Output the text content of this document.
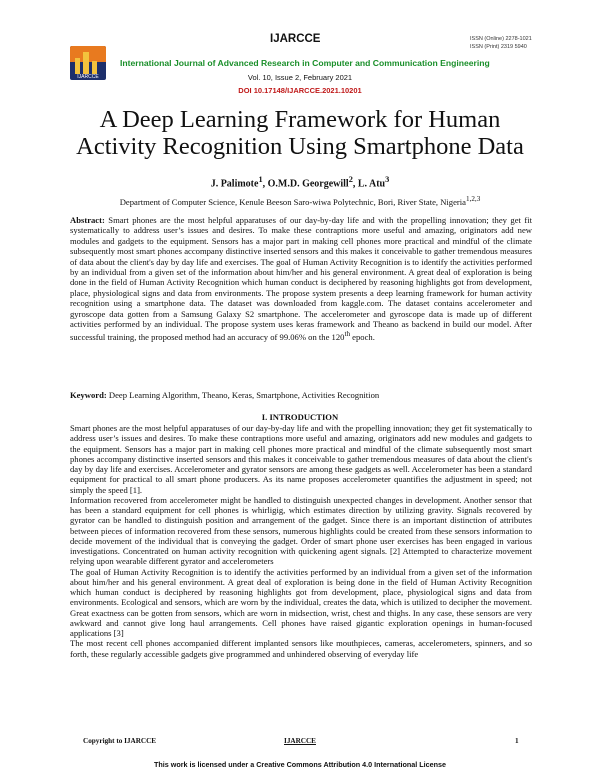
IJARCCE
IJARCCE	ISSN (Online) 2278-1021
ISSN (Print) 2319 5940
International Journal of Advanced Research in Computer and Communication Engineering
Vol. 10, Issue 2, February 2021
DOI 10.17148/IJARCCE.2021.10201
A Deep Learning Framework for Human
Activity Recognition Using Smartphone Data
J. Palimote$^1$, O.M.D. Georgewill$^2$, L. Atu$^3$
Department of Computer Science, Kenule Beeson Saro-wiwa Polytechnic, Bori, River State, Nigeria$^{1,2,3}$
Abstract: Smart phones are the most helpful apparatuses of our day-by-day life and with the propelling innovation; they get fit systematically to address user’s issues and desires. To make these contraptions more useful and amazing, originators add new modules and gadgets to the equipment. Sensors has a major part in making cell phones more practical and mindful of the climate subsequently most smart phones accompany distinctive inserted sensors and this makes it conceivable to gather tremendous measures of data about the client's day by day life and exercises. The goal of Human Activity Recognition is to identify the activities performed by an individual from a given set of the information about him/her and his general environment. A great deal of exploration is being done in the field of Human Activity Recognition which human conduct is deciphered by reasoning highlights got from development, place, physiological signs and data from environments. The propose system presents a deep learning framework for human activity recognition using a smartphone data. The dataset was downloaded from kaggle.com. The dataset contains accelerometer and gyroscope data gotten from a Samsung Galaxy S2 smartphone. The accelerometer and gyroscope data is made up of different activities performed by an individual. The propose system uses keras framework and Theano as backend in build our model. After successful training, the proposed method had an accuracy of 99.06% on the 120th epoch.
Keyword: Deep Learning Algorithm, Theano, Keras, Smartphone, Activities Recognition
I. INTRODUCTION

Smart phones are the most helpful apparatuses of our day-by-day life and with the propelling innovation; they get fit systematically to address user’s issues and desires. To make these contraptions more useful and amazing, originators add new modules and gadgets to the equipment. Sensors has a major part in making cell phones more practical and mindful of the climate subsequently most smart phones accompany distinctive inserted sensors and this makes it conceivable to gather tremendous measures of data about the client's day by day life and exercises. Accelerometer and gyrator sensors are among these gadgets as well. Accelerometer has been a standard equipment for practical to all smart phone producers. As its name proposes accelerometer quantifies the adjustment in speed; not simply the speed [1].

Information recovered from accelerometer might be handled to distinguish unexpected changes in development. Another sensor that has been a standard equipment for cell phones is whirligig, which estimates direction by utilizing gravity. Signals recovered by gyrator can be handled to distinguish position and arrangement of the gadget. Since there is an important distinction of attributes between pieces of information recovered from these sensors, numerous highlights could be created from these sensors information to decide movement of the individual that is conveying the gadget. Order of smart phone user exercises has been engaged in various investigations. Concentrated on human activity recognition with quickening agent signals. [2] Attempted to characterize movement relying upon wearable different gyrator and accelerometers

The goal of Human Activity Recognition is to identify the activities performed by an individual from a given set of the information about him/her and his general environment. A great deal of exploration is being done in the field of Human Activity Recognition which human conduct is deciphered by reasoning highlights got from development, place, physiological signs and data from environments. Ecological and sensors, which are worn by the individual, creates the data, which is utilized to decipher the movement. Great exactness can be gotten from sensors, which are worn in midsection, wrist, chest and thighs. In any case, these sensors are very awkward and cannot give long haul arrangements. Cell phones have raised gigantic exploration openings in human-focused applications [3]

The most recent cell phones accompanied different implanted sensors like mouthpieces, cameras, accelerometers, spinners, and so forth, these regularly accessible gadgets give programmed and unhindered observing of everyday life

Copyright to IJARCCE	IJARCCE	1
This work is licensed under a Creative Commons Attribution 4.0 International License
